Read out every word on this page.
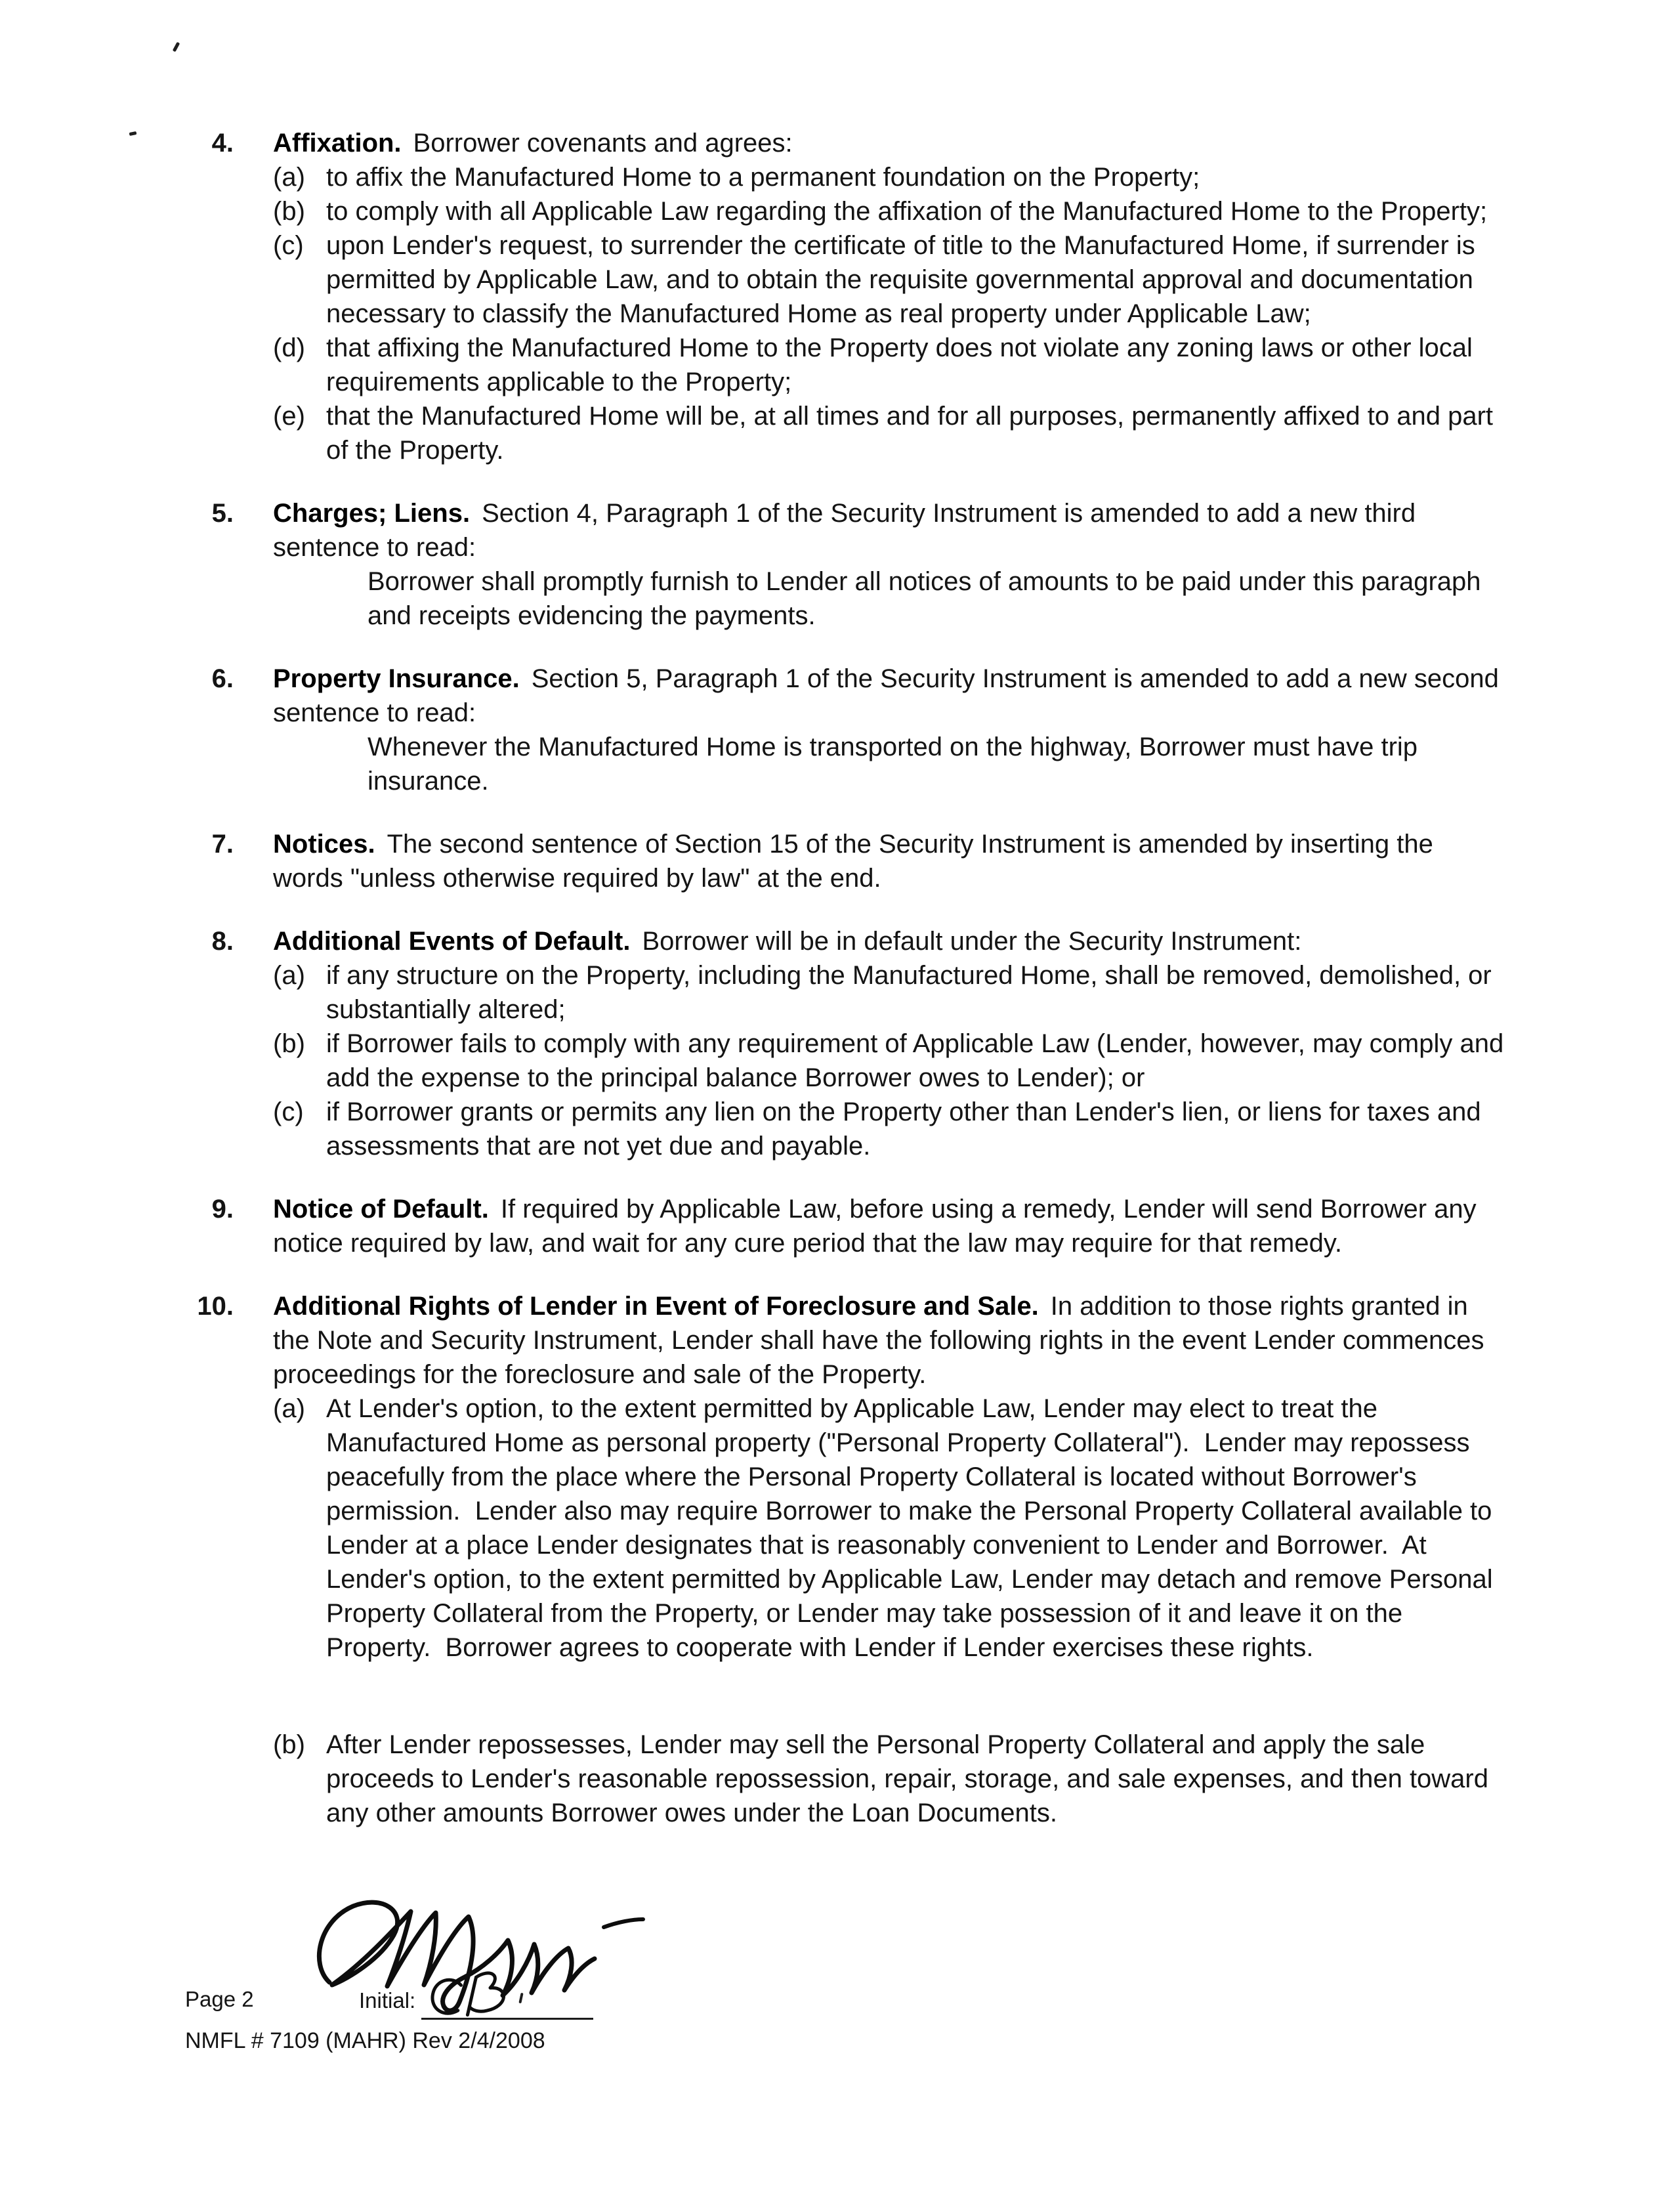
4. Affixation. Borrower covenants and agrees:

(a) to affix the Manufactured Home to a permanent foundation on the Property;
(b) to comply with all Applicable Law regarding the affixation of the Manufactured Home to the Property;
(c) upon Lender's request, to surrender the certificate of title to the Manufactured Home, if surrender is permitted by Applicable Law, and to obtain the requisite governmental approval and documentation necessary to classify the Manufactured Home as real property under Applicable Law;
(d) that affixing the Manufactured Home to the Property does not violate any zoning laws or other local requirements applicable to the Property;
(e) that the Manufactured Home will be, at all times and for all purposes, permanently affixed to and part of the Property.
5. Charges; Liens. Section 4, Paragraph 1 of the Security Instrument is amended to add a new third sentence to read:

Borrower shall promptly furnish to Lender all notices of amounts to be paid under this paragraph and receipts evidencing the payments.

6. Property Insurance. Section 5, Paragraph 1 of the Security Instrument is amended to add a new second sentence to read:

Whenever the Manufactured Home is transported on the highway, Borrower must have trip insurance.

7. Notices. The second sentence of Section 15 of the Security Instrument is amended by inserting the words "unless otherwise required by law" at the end.

8. Additional Events of Default. Borrower will be in default under the Security Instrument:

(a) if any structure on the Property, including the Manufactured Home, shall be removed, demolished, or substantially altered;
(b) if Borrower fails to comply with any requirement of Applicable Law (Lender, however, may comply and add the expense to the principal balance Borrower owes to Lender); or
(c) if Borrower grants or permits any lien on the Property other than Lender's lien, or liens for taxes and assessments that are not yet due and payable.
9. Notice of Default. If required by Applicable Law, before using a remedy, Lender will send Borrower any notice required by law, and wait for any cure period that the law may require for that remedy.

10. Additional Rights of Lender in Event of Foreclosure and Sale. In addition to those rights granted in the Note and Security Instrument, Lender shall have the following rights in the event Lender commences proceedings for the foreclosure and sale of the Property.

(a) At Lender's option, to the extent permitted by Applicable Law, Lender may elect to treat the Manufactured Home as personal property ("Personal Property Collateral").  Lender may repossess peacefully from the place where the Personal Property Collateral is located without Borrower's permission.  Lender also may require Borrower to make the Personal Property Collateral available to Lender at a place Lender designates that is reasonably convenient to Lender and Borrower.  At Lender's option, to the extent permitted by Applicable Law, Lender may detach and remove Personal Property Collateral from the Property, or Lender may take possession of it and leave it on the Property.  Borrower agrees to cooperate with Lender if Lender exercises these rights.
(b) After Lender repossesses, Lender may sell the Personal Property Collateral and apply the sale proceeds to Lender's reasonable repossession, repair, storage, and sale expenses, and then toward any other amounts Borrower owes under the Loan Documents.
Page 2	Initial:
NMFL # 7109 (MAHR) Rev 2/4/2008
